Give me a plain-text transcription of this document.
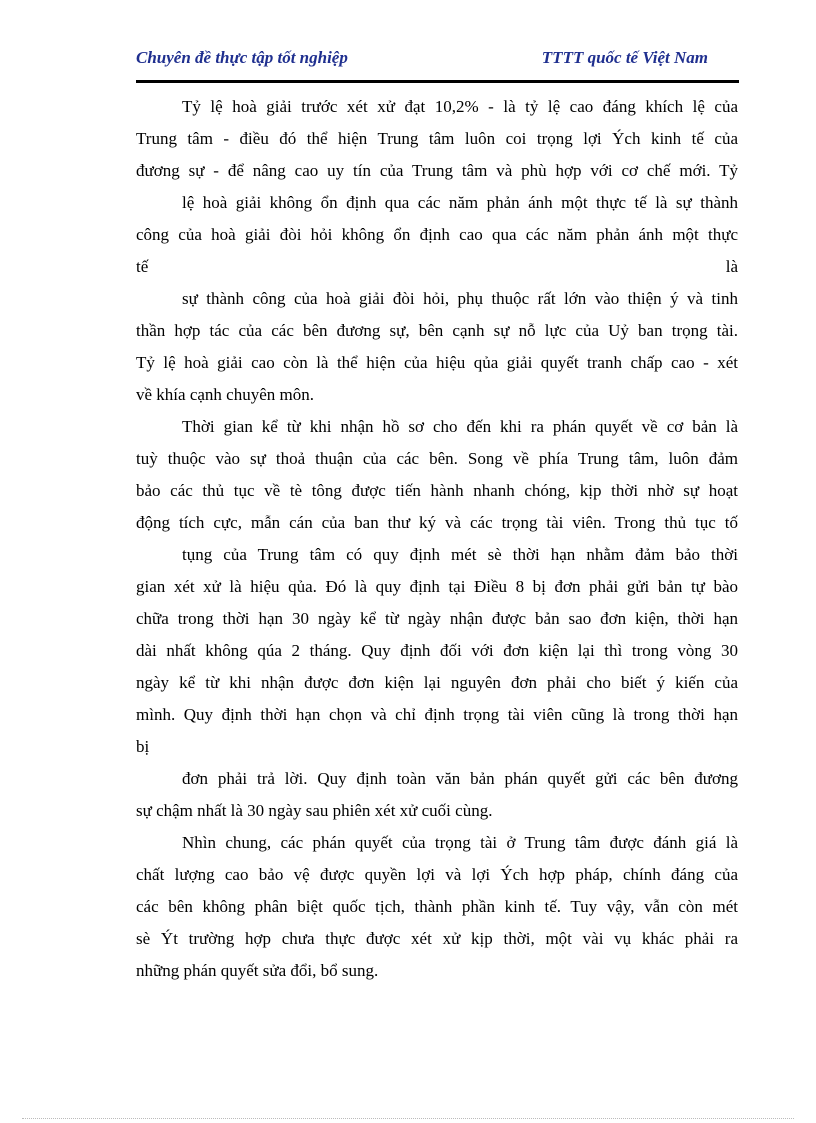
Chuyên đề thực tập tốt nghiệp	TTTT quốc tế Việt Nam
Tỷ lệ hoà giải trước xét xử đạt 10,2% - là tỷ lệ cao đáng khích lệ của
Trung tâm - điều đó thể hiện Trung tâm luôn coi trọng lợi Ých kinh tế của
đương sự - để nâng cao uy tín của Trung tâm và phù hợp với cơ chế mới. Tỷ
lệ hoà giải không ổn định qua các năm phản ánh một thực tế là sự thành
công của hoà giải đòi hỏi không ổn định cao qua các năm phản ánh một thực
tế	là
sự thành công của hoà giải đòi hỏi, phụ thuộc rất lớn vào thiện ý và tinh
thần hợp tác của các bên đương sự, bên cạnh sự nỗ lực của Uỷ ban trọng tài.
Tỷ lệ hoà giải cao còn là thể hiện của hiệu qủa giải quyết tranh chấp cao - xét
về khía cạnh chuyên môn.
Thời gian kể từ khi nhận hồ sơ cho đến khi ra phán quyết về cơ bản là
tuỳ thuộc vào sự thoả thuận của các bên. Song về phía Trung tâm, luôn đảm
bảo các thủ tục về tè tông được tiến hành nhanh chóng, kịp thời nhờ sự hoạt
động tích cực, mẫn cán của ban thư ký và các trọng tài viên. Trong thủ tục tố
tụng của Trung tâm có quy định mét sè thời hạn nhằm đảm bảo thời
gian xét xử là hiệu qủa. Đó là quy định tại Điều 8 bị đơn phải gửi bản tự bào
chữa trong thời hạn 30 ngày kể từ ngày nhận được bản sao đơn kiện, thời hạn
dài nhất không qúa 2 tháng. Quy định đối với đơn kiện lại thì trong vòng 30
ngày kể từ khi nhận được đơn kiện lại nguyên đơn phải cho biết ý kiến của
mình. Quy định thời hạn chọn và chỉ định trọng tài viên cũng là trong thời hạn
bị
đơn phải trả lời. Quy định toàn văn bản phán quyết gửi các bên đương
sự chậm nhất là 30 ngày sau phiên xét xử cuối cùng.
Nhìn chung, các phán quyết của trọng tài ở Trung tâm được đánh giá là
chất lượng cao bảo vệ được quyền lợi và lợi Ých hợp pháp, chính đáng của
các bên không phân biệt quốc tịch, thành phần kinh tế. Tuy vậy, vẫn còn mét
sè Ýt trường hợp chưa thực được xét xử kịp thời, một vài vụ khác phải ra
những phán quyết sửa đổi, bổ sung.
